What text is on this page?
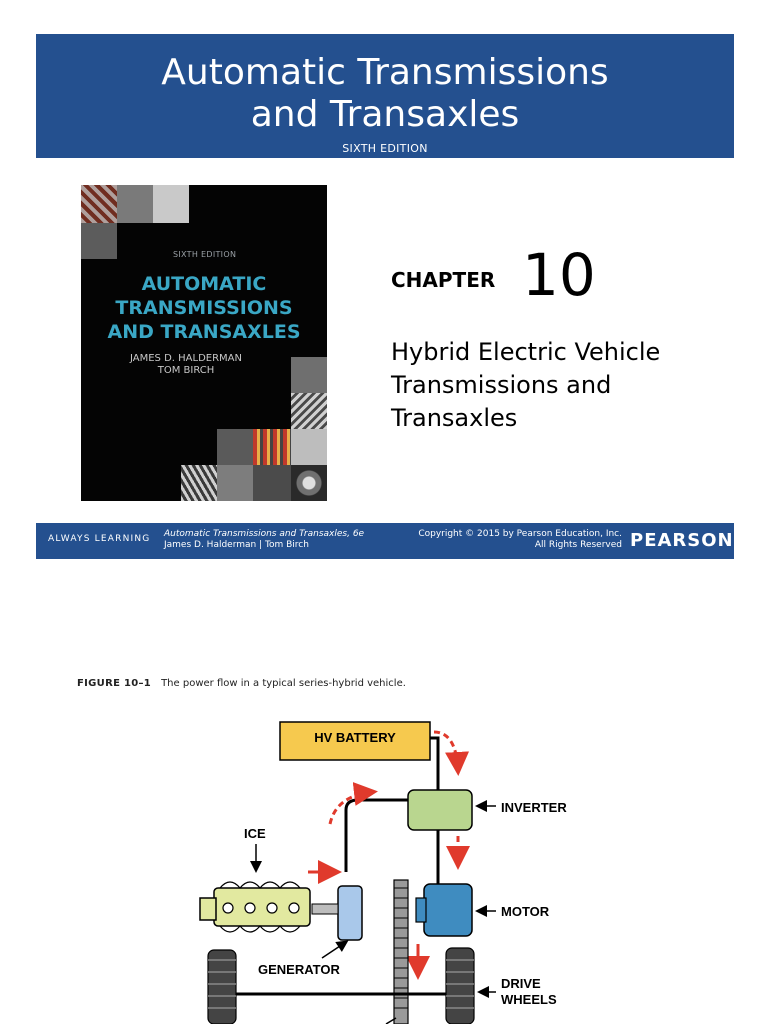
Automatic Transmissions
and Transaxles
SIXTH EDITION
SIXTH EDITION
AUTOMATIC
TRANSMISSIONS
AND TRANSAXLES
JAMES D. HALDERMAN
TOM BIRCH
CHAPTER 10
Hybrid Electric Vehicle
Transmissions and
Transaxles
ALWAYS LEARNING Automatic Transmissions and Transaxles, 6e
James D. Halderman | Tom Birch
Copyright © 2015 by Pearson Education, Inc.
All Rights Reserved PEARSON
FIGURE 10–1 The power flow in a typical series-hybrid vehicle.
HV BATTERY
INVERTER
ICE
MOTOR
GENERATOR
DRIVE
WHEELS
